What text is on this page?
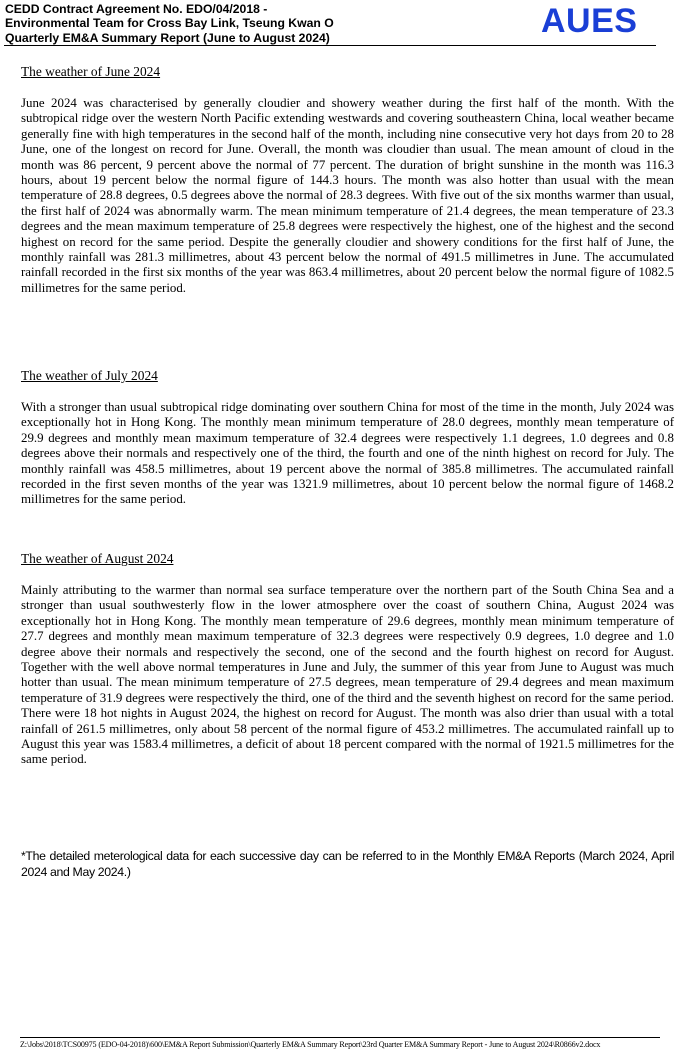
CEDD Contract Agreement No. EDO/04/2018 -
Environmental Team for Cross Bay Link, Tseung Kwan O
Quarterly EM&A Summary Report (June to August 2024)	AUES
The weather of June 2024

June 2024 was characterised by generally cloudier and showery weather during the first half of the month. With the subtropical ridge over the western North Pacific extending westwards and covering southeastern China, local weather became generally fine with high temperatures in the second half of the month, including nine consecutive very hot days from 20 to 28 June, one of the longest on record for June. Overall, the month was cloudier than usual. The mean amount of cloud in the month was 86 percent, 9 percent above the normal of 77 percent. The duration of bright sunshine in the month was 116.3 hours, about 19 percent below the normal figure of 144.3 hours. The month was also hotter than usual with the mean temperature of 28.8 degrees, 0.5 degrees above the normal of 28.3 degrees. With five out of the six months warmer than usual, the first half of 2024 was abnormally warm. The mean minimum temperature of 21.4 degrees, the mean temperature of 23.3 degrees and the mean maximum temperature of 25.8 degrees were respectively the highest, one of the highest and the second highest on record for the same period. Despite the generally cloudier and showery conditions for the first half of June, the monthly rainfall was 281.3 millimetres, about 43 percent below the normal of 491.5 millimetres in June. The accumulated rainfall recorded in the first six months of the year was 863.4 millimetres, about 20 percent below the normal figure of 1082.5 millimetres for the same period.

The weather of July 2024

With a stronger than usual subtropical ridge dominating over southern China for most of the time in the month, July 2024 was exceptionally hot in Hong Kong. The monthly mean minimum temperature of 28.0 degrees, monthly mean temperature of 29.9 degrees and monthly mean maximum temperature of 32.4 degrees were respectively 1.1 degrees, 1.0 degrees and 0.8 degrees above their normals and respectively one of the third, the fourth and one of the ninth highest on record for July. The monthly rainfall was 458.5 millimetres, about 19 percent above the normal of 385.8 millimetres. The accumulated rainfall recorded in the first seven months of the year was 1321.9 millimetres, about 10 percent below the normal figure of 1468.2 millimetres for the same period.

The weather of August 2024

Mainly attributing to the warmer than normal sea surface temperature over the northern part of the South China Sea and a stronger than usual southwesterly flow in the lower atmosphere over the coast of southern China, August 2024 was exceptionally hot in Hong Kong. The monthly mean temperature of 29.6 degrees, monthly mean minimum temperature of 27.7 degrees and monthly mean maximum temperature of 32.3 degrees were respectively 0.9 degrees, 1.0 degree and 1.0 degree above their normals and respectively the second, one of the second and the fourth highest on record for August. Together with the well above normal temperatures in June and July, the summer of this year from June to August was much hotter than usual. The mean minimum temperature of 27.5 degrees, mean temperature of 29.4 degrees and mean maximum temperature of 31.9 degrees were respectively the third, one of the third and the seventh highest on record for the same period. There were 18 hot nights in August 2024, the highest on record for August. The month was also drier than usual with a total rainfall of 261.5 millimetres, only about 58 percent of the normal figure of 453.2 millimetres. The accumulated rainfall up to August this year was 1583.4 millimetres, a deficit of about 18 percent compared with the normal of 1921.5 millimetres for the same period.

*The detailed meterological data for each successive day can be referred to in the Monthly EM&A Reports (March 2024, April 2024 and May 2024.)

Z:\Jobs\2018\TCS00975 (EDO-04-2018)\600\EM&A Report Submission\Quarterly EM&A Summary Report\23rd Quarter EM&A Summary Report - June to August 2024\R0866v2.docx
